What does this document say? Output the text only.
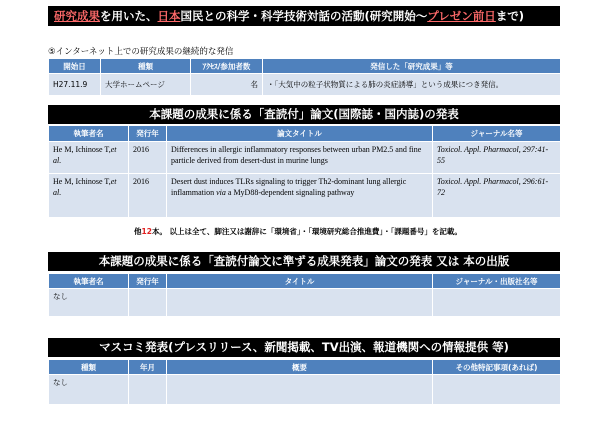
研究成果を用いた、日本国民との科学・科学技術対話の活動(研究開始～プレゼン前日まで)
⑤インターネット上での研究成果の継続的な発信
開始日	種類	ｱｸｾｽ/参加者数	発信した「研究成果」等
H27.11.9	大学ホームページ	名	・「大気中の粒子状物質による肺の炎症誘導」という成果につき発信。
本課題の成果に係る「査読付」論文(国際誌・国内誌)の発表
執筆者名	発行年	論文タイトル	ジャーナル名等
He M, Ichinose T,et al.	2016	Differences in allergic inflammatory responses between urban PM2.5 and fine particle derived from desert-dust in murine lungs	Toxicol. Appl. Pharmacol, 297:41-55
He M, Ichinose T,et al.	2016	Desert dust induces TLRs signaling to trigger Th2-dominant lung allergic inflammation via a MyD88-dependent signaling pathway	Toxicol. Appl. Pharmacol, 296:61-72
他12本。 以上は全て、脚注又は謝辞に「環境省」・「環境研究総合推進費」・「課題番号」を記載。
本課題の成果に係る「査読付論文に準ずる成果発表」論文の発表 又は 本の出版
執筆者名	発行年	タイトル	ジャーナル・出版社名等
なし			
マスコミ発表(プレスリリース、新聞掲載、TV出演、報道機関への情報提供 等)
種類	年月	概要	その他特記事項(あれば)
なし			
